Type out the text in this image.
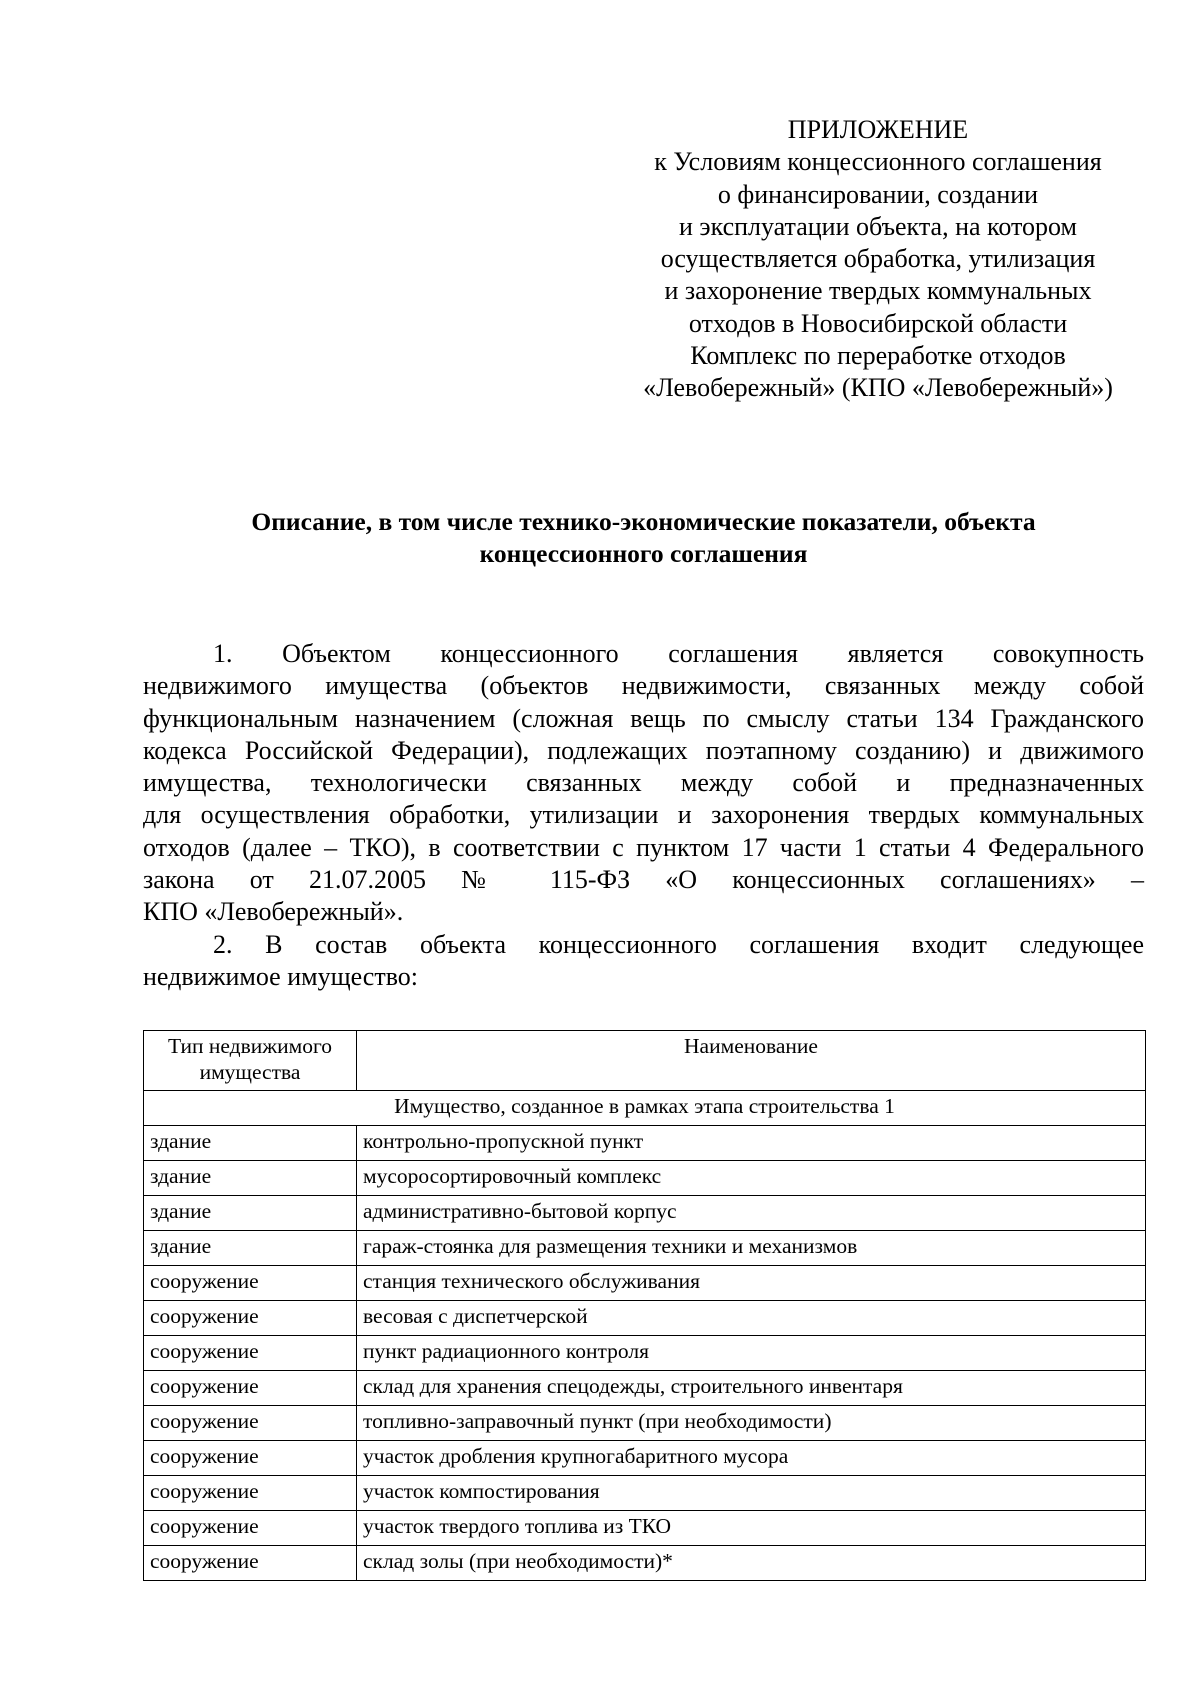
ПРИЛОЖЕНИЕ
к Условиям концессионного соглашения
о финансировании, создании
и эксплуатации объекта, на котором
осуществляется обработка, утилизация
и захоронение твердых коммунальных
отходов в Новосибирской области
Комплекс по переработке отходов
«Левобережный» (КПО «Левобережный»)
Описание, в том числе технико-экономические показатели, объекта
концессионного соглашения
1. Объектом концессионного соглашения является совокупность
недвижимого имущества (объектов недвижимости, связанных между собой
функциональным назначением (сложная вещь по смыслу статьи 134 Гражданского
кодекса Российской Федерации), подлежащих поэтапному созданию) и движимого
имущества, технологически связанных между собой и предназначенных
для осуществления обработки, утилизации и захоронения твердых коммунальных
отходов (далее – ТКО), в соответствии с пунктом 17 части 1 статьи 4 Федерального
закона от 21.07.2005 № 115-ФЗ «О концессионных соглашениях» –
КПО «Левобережный».
2. В состав объекта концессионного соглашения входит следующее
недвижимое имущество:
Тип недвижимого имущества	Наименование
Имущество, созданное в рамках этапа строительства 1	
здание	контрольно-пропускной пункт
здание	мусоросортировочный комплекс
здание	административно-бытовой корпус
здание	гараж-стоянка для размещения техники и механизмов
сооружение	станция технического обслуживания
сооружение	весовая с диспетчерской
сооружение	пункт радиационного контроля
сооружение	склад для хранения спецодежды, строительного инвентаря
сооружение	топливно-заправочный пункт (при необходимости)
сооружение	участок дробления крупногабаритного мусора
сооружение	участок компостирования
сооружение	участок твердого топлива из ТКО
сооружение	склад золы (при необходимости)*
